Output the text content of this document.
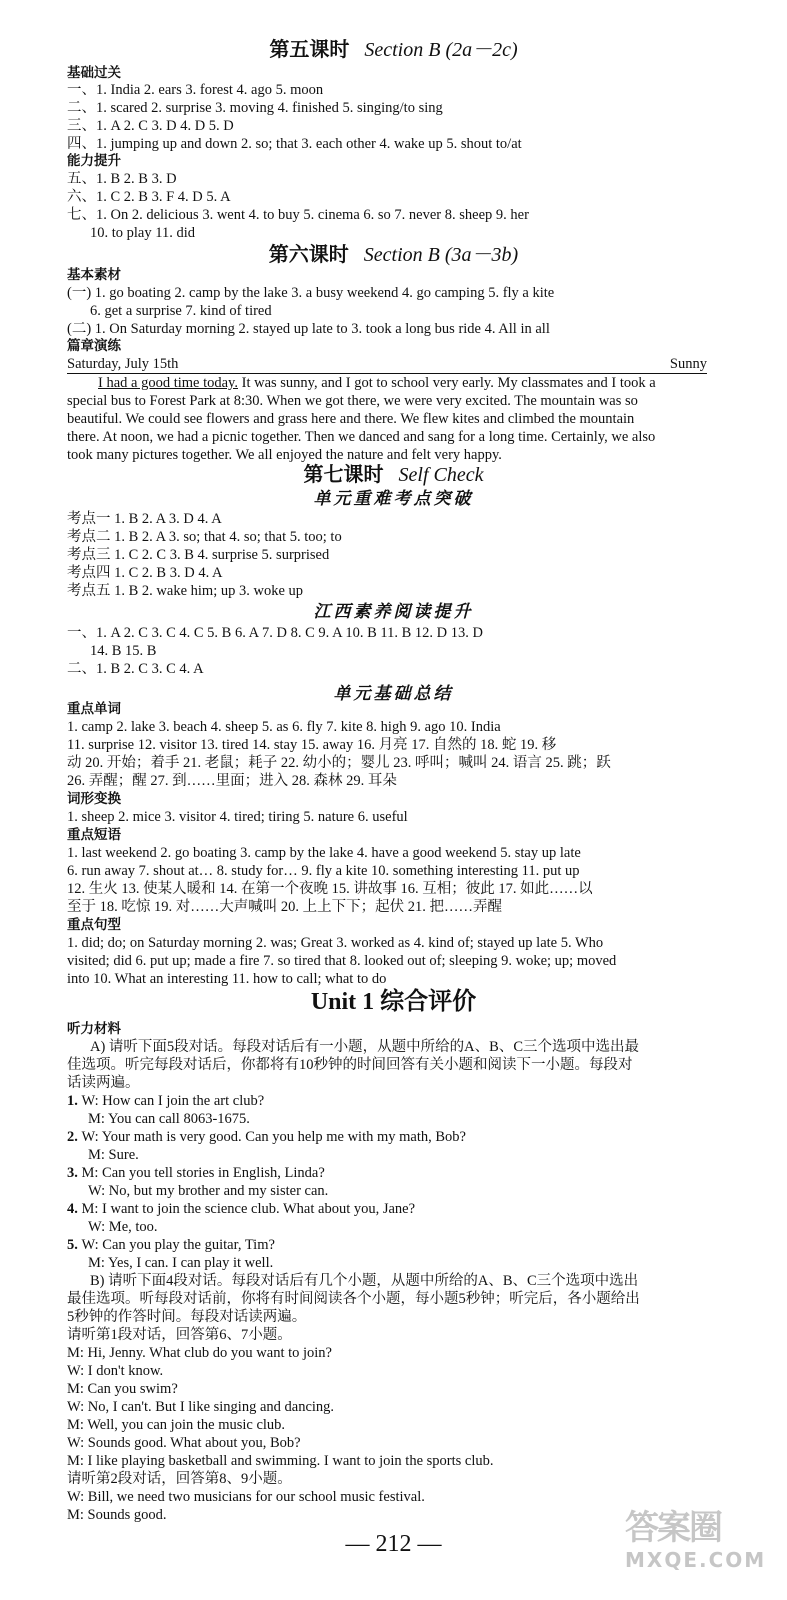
第五课时 Section B (2a－2c)
基础过关
一、1. India 2. ears 3. forest 4. ago 5. moon
二、1. scared 2. surprise 3. moving 4. finished 5. singing/to sing
三、1. A 2. C 3. D 4. D 5. D
四、1. jumping up and down 2. so; that 3. each other 4. wake up 5. shout to/at
能力提升
五、1. B 2. B 3. D
六、1. C 2. B 3. F 4. D 5. A
七、1. On 2. delicious 3. went 4. to buy 5. cinema 6. so 7. never 8. sheep 9. her
10. to play 11. did
第六课时 Section B (3a－3b)
基本素材
(一) 1. go boating 2. camp by the lake 3. a busy weekend 4. go camping 5. fly a kite
6. get a surprise 7. kind of tired
(二) 1. On Saturday morning 2. stayed up late to 3. took a long bus ride 4. All in all
篇章演练
Saturday, July 15th	Sunny
I had a good time today. It was sunny, and I got to school very early. My classmates and I took a
special bus to Forest Park at 8:30. When we got there, we were very excited. The mountain was so
beautiful. We could see flowers and grass here and there. We flew kites and climbed the mountain
there. At noon, we had a picnic together. Then we danced and sang for a long time. Certainly, we also
took many pictures together. We all enjoyed the nature and felt very happy.
第七课时 Self Check
单元重难考点突破
考点一 1. B 2. A 3. D 4. A
考点二 1. B 2. A 3. so; that 4. so; that 5. too; to
考点三 1. C 2. C 3. B 4. surprise 5. surprised
考点四 1. C 2. B 3. D 4. A
考点五 1. B 2. wake him; up 3. woke up
江西素养阅读提升
一、1. A 2. C 3. C 4. C 5. B 6. A 7. D 8. C 9. A 10. B 11. B 12. D 13. D
14. B 15. B
二、1. B 2. C 3. C 4. A
单元基础总结
重点单词
1. camp 2. lake 3. beach 4. sheep 5. as 6. fly 7. kite 8. high 9. ago 10. India
11. surprise 12. visitor 13. tired 14. stay 15. away 16. 月亮 17. 自然的 18. 蛇 19. 移
动 20. 开始；着手 21. 老鼠；耗子 22. 幼小的；婴儿 23. 呼叫；喊叫 24. 语言 25. 跳；跃
26. 弄醒；醒 27. 到……里面；进入 28. 森林 29. 耳朵
词形变换
1. sheep 2. mice 3. visitor 4. tired; tiring 5. nature 6. useful
重点短语
1. last weekend 2. go boating 3. camp by the lake 4. have a good weekend 5. stay up late
6. run away 7. shout at… 8. study for… 9. fly a kite 10. something interesting 11. put up
12. 生火 13. 使某人暖和 14. 在第一个夜晚 15. 讲故事 16. 互相；彼此 17. 如此……以
至于 18. 吃惊 19. 对……大声喊叫 20. 上上下下；起伏 21. 把……弄醒
重点句型
1. did; do; on Saturday morning 2. was; Great 3. worked as 4. kind of; stayed up late 5. Who
visited; did 6. put up; made a fire 7. so tired that 8. looked out of; sleeping 9. woke; up; moved
into 10. What an interesting 11. how to call; what to do
Unit 1 综合评价
听力材料
A) 请听下面5段对话。每段对话后有一小题，从题中所给的A、B、C三个选项中选出最
佳选项。听完每段对话后，你都将有10秒钟的时间回答有关小题和阅读下一小题。每段对
话读两遍。
1. W: How can I join the art club?
M: You can call 8063-1675.
2. W: Your math is very good. Can you help me with my math, Bob?
M: Sure.
3. M: Can you tell stories in English, Linda?
W: No, but my brother and my sister can.
4. M: I want to join the science club. What about you, Jane?
W: Me, too.
5. W: Can you play the guitar, Tim?
M: Yes, I can. I can play it well.
B) 请听下面4段对话。每段对话后有几个小题，从题中所给的A、B、C三个选项中选出
最佳选项。听每段对话前，你将有时间阅读各个小题，每小题5秒钟；听完后，各小题给出
5秒钟的作答时间。每段对话读两遍。
请听第1段对话，回答第6、7小题。
M: Hi, Jenny. What club do you want to join?
W: I don't know.
M: Can you swim?
W: No, I can't. But I like singing and dancing.
M: Well, you can join the music club.
W: Sounds good. What about you, Bob?
M: I like playing basketball and swimming. I want to join the sports club.
请听第2段对话，回答第8、9小题。
W: Bill, we need two musicians for our school music festival.
M: Sounds good.
— 212 —	答案圈
MXQE.COM
